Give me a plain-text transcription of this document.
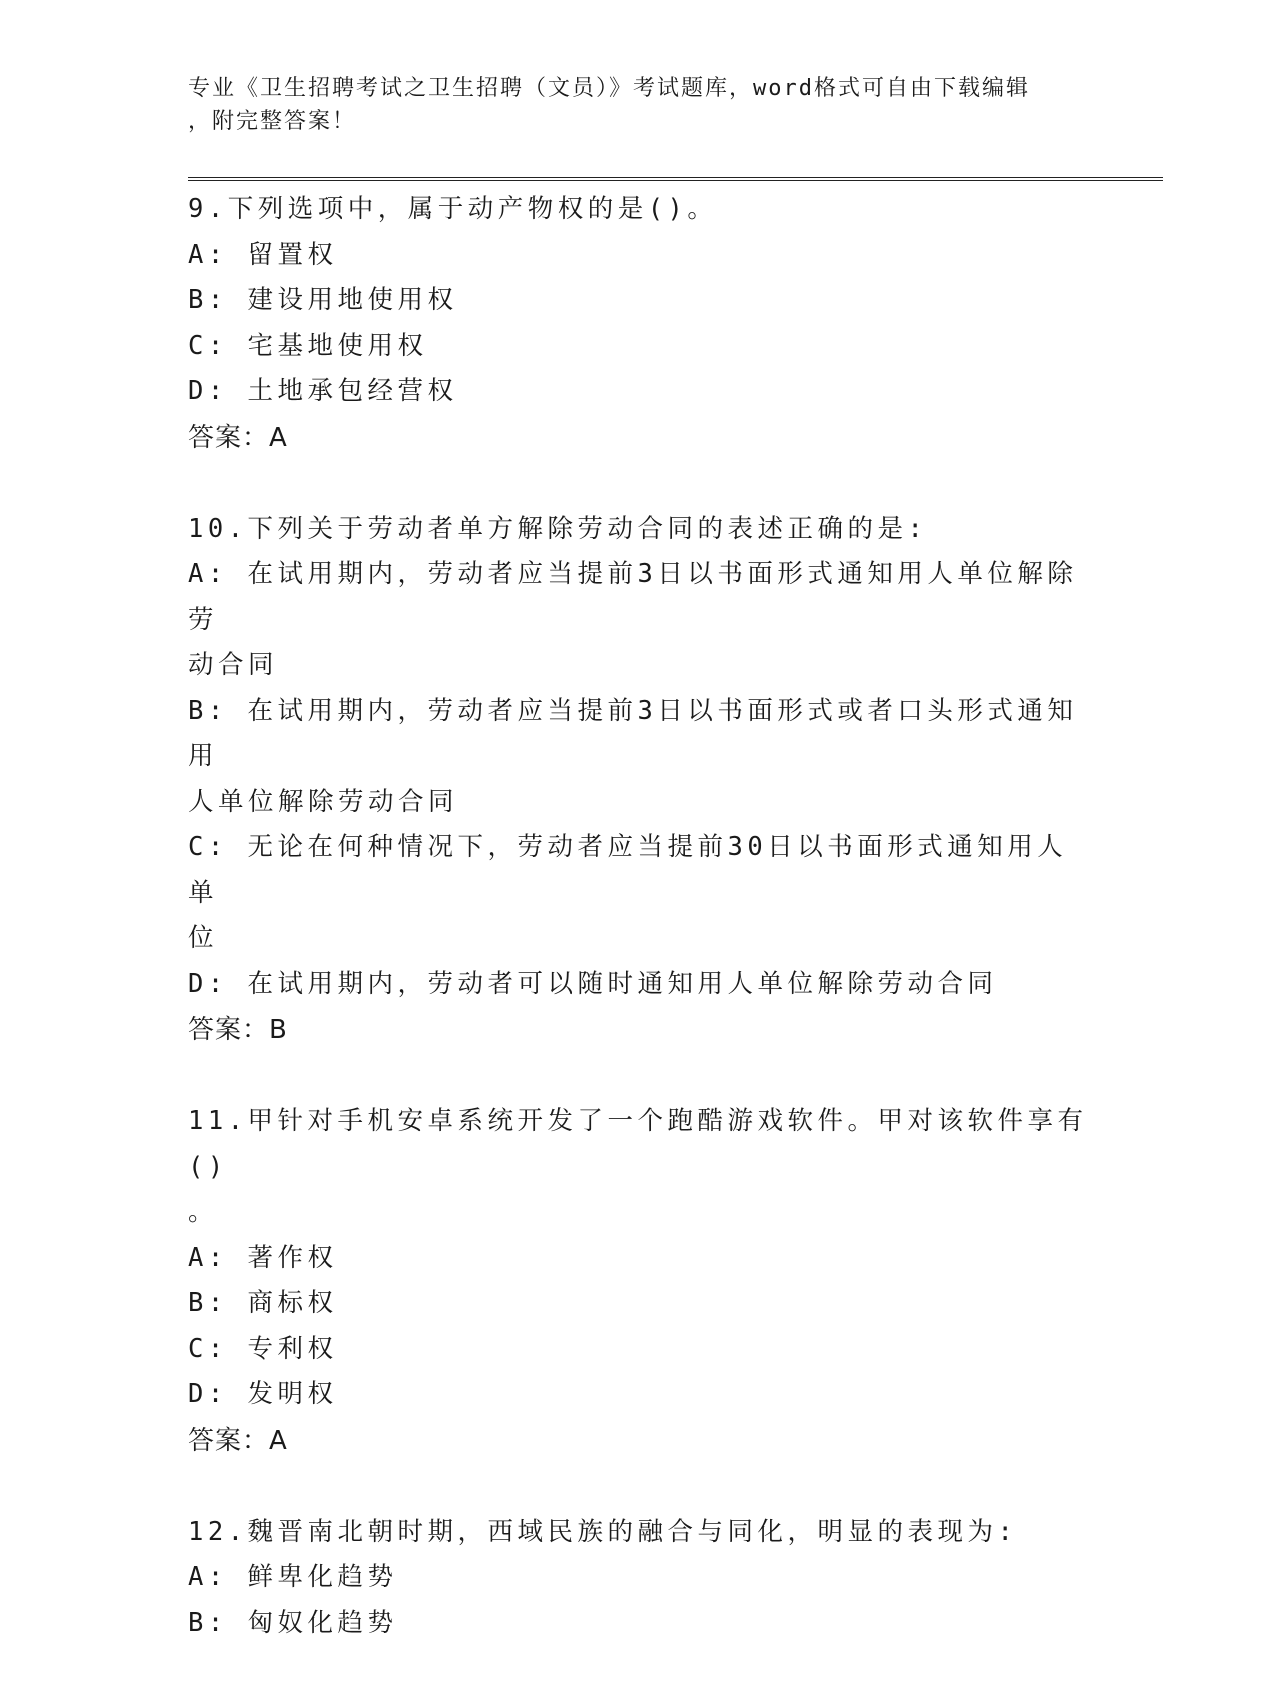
专业《卫生招聘考试之卫生招聘（文员）》考试题库，word格式可自由下载编辑
，附完整答案！
9.下列选项中，属于动产物权的是()。
A: 留置权
B: 建设用地使用权
C: 宅基地使用权
D: 土地承包经营权
答案：A
10.下列关于劳动者单方解除劳动合同的表述正确的是:
A: 在试用期内，劳动者应当提前3日以书面形式通知用人单位解除劳
动合同
B: 在试用期内，劳动者应当提前3日以书面形式或者口头形式通知用
人单位解除劳动合同
C: 无论在何种情况下，劳动者应当提前30日以书面形式通知用人单
位
D: 在试用期内，劳动者可以随时通知用人单位解除劳动合同
答案：B
11.甲针对手机安卓系统开发了一个跑酷游戏软件。甲对该软件享有()
。
A: 著作权
B: 商标权
C: 专利权
D: 发明权
答案：A
12.魏晋南北朝时期，西域民族的融合与同化，明显的表现为:
A: 鲜卑化趋势
B: 匈奴化趋势
